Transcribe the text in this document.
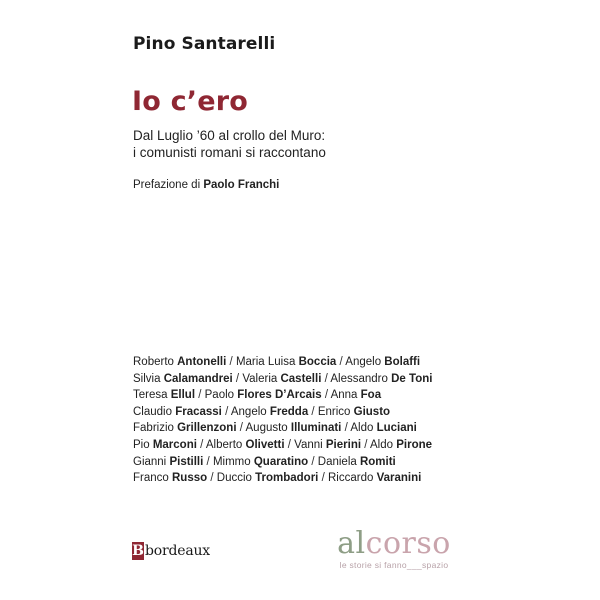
Pino Santarelli
Io c’ero
Dal Luglio ’60 al crollo del Muro:
i comunisti romani si raccontano
Prefazione di Paolo Franchi
Roberto Antonelli / Maria Luisa Boccia / Angelo Bolaffi
Silvia Calamandrei / Valeria Castelli / Alessandro De Toni
Teresa Ellul / Paolo Flores D’Arcais / Anna Foa
Claudio Fracassi / Angelo Fredda / Enrico Giusto
Fabrizio Grillenzoni / Augusto Illuminati / Aldo Luciani
Pio Marconi / Alberto Olivetti / Vanni Pierini / Aldo Pirone
Gianni Pistilli / Mimmo Quaratino / Daniela Romiti
Franco Russo / Duccio Trombadori / Riccardo Varanini
B bordeaux	alcorso
le storie si fanno___spazio
